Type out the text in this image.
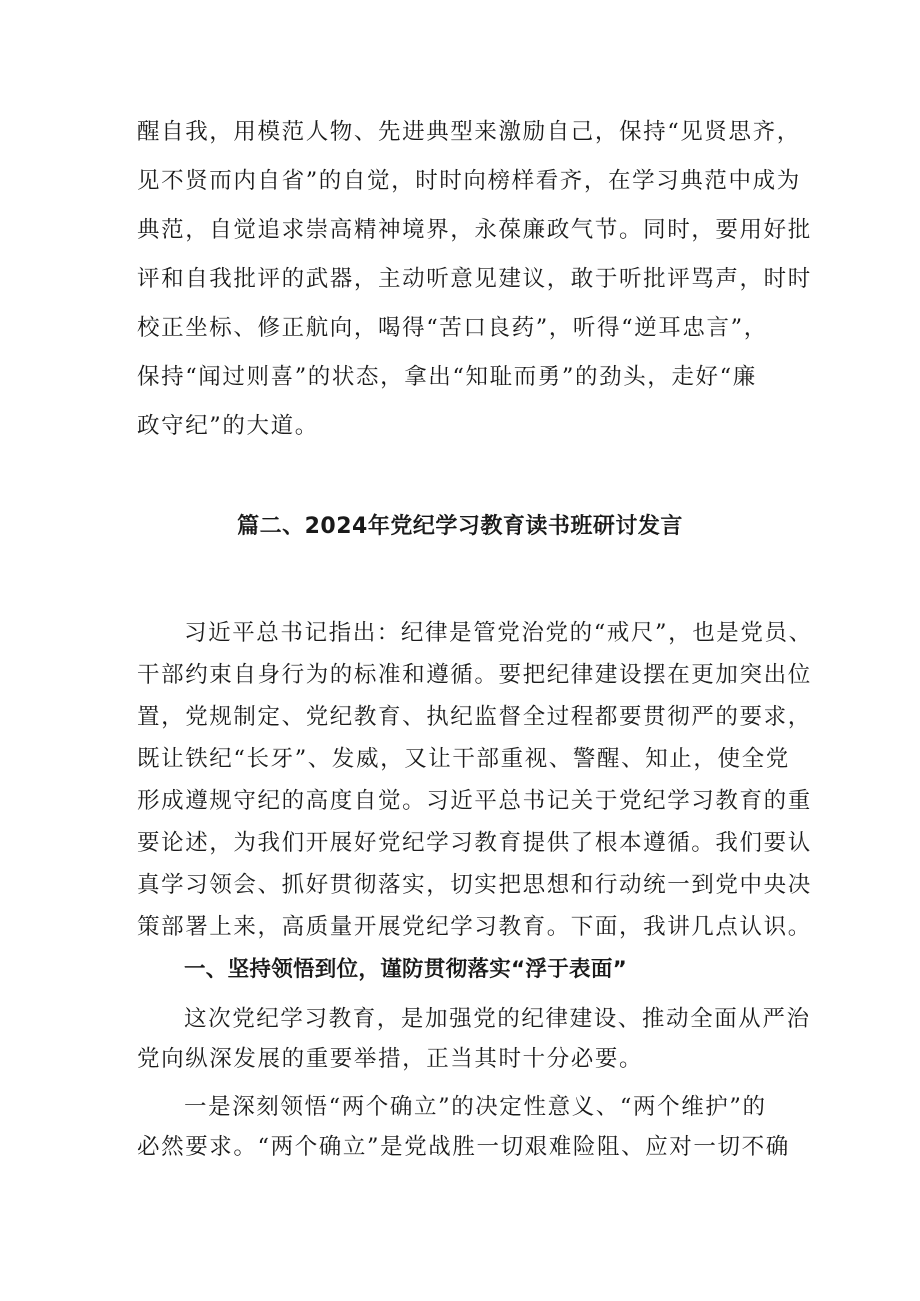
醒自我，用模范人物、先进典型来激励自己，保持“见贤思齐，
见不贤而内自省”的自觉，时时向榜样看齐，在学习典范中成为
典范，自觉追求崇高精神境界，永葆廉政气节。同时，要用好批
评和自我批评的武器，主动听意见建议，敢于听批评骂声，时时
校正坐标、修正航向，喝得“苦口良药”，听得“逆耳忠言”，
保持“闻过则喜”的状态，拿出“知耻而勇”的劲头，走好“廉
政守纪”的大道。
篇二、2024年党纪学习教育读书班研讨发言
习近平总书记指出：纪律是管党治党的“戒尺”，也是党员、
干部约束自身行为的标准和遵循。要把纪律建设摆在更加突出位
置，党规制定、党纪教育、执纪监督全过程都要贯彻严的要求，
既让铁纪“长牙”、发威，又让干部重视、警醒、知止，使全党
形成遵规守纪的高度自觉。习近平总书记关于党纪学习教育的重
要论述，为我们开展好党纪学习教育提供了根本遵循。我们要认
真学习领会、抓好贯彻落实，切实把思想和行动统一到党中央决
策部署上来，高质量开展党纪学习教育。下面，我讲几点认识。
一、坚持领悟到位，谨防贯彻落实“浮于表面”
这次党纪学习教育，是加强党的纪律建设、推动全面从严治
党向纵深发展的重要举措，正当其时十分必要。
一是深刻领悟“两个确立”的决定性意义、“两个维护”的
必然要求。“两个确立”是党战胜一切艰难险阻、应对一切不确
